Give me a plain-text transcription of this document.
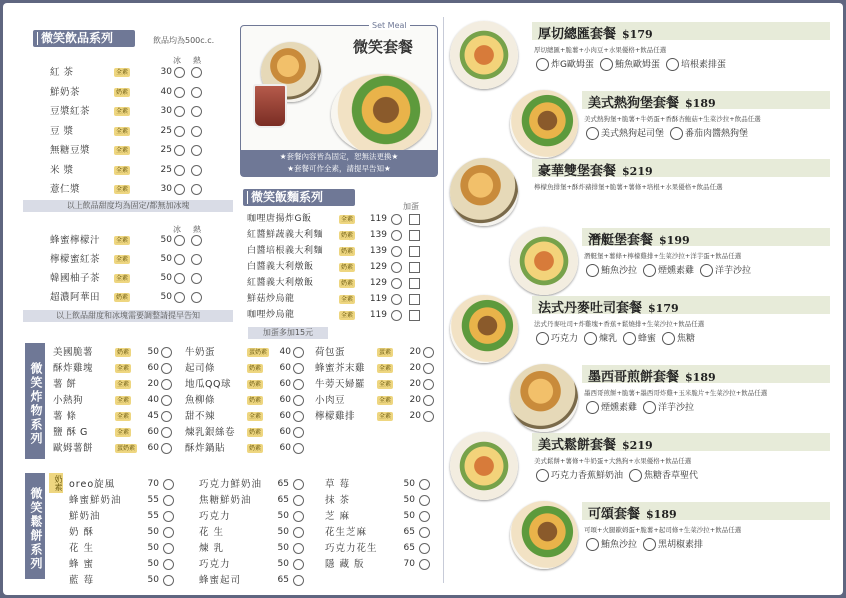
微笑飲品系列	飲品均為500c.c.
冰 熱
紅 茶	全素	30
鮮奶茶	奶素	40
豆漿紅茶	全素	30
豆 漿	全素	25
無糖豆漿	全素	25
米 漿	全素	25
薏仁漿	全素	30
以上飲品甜度均為固定/都無加冰塊
冰 熱
蜂蜜檸檬汁	全素	50
檸檬蜜紅茶	全素	50
韓國柚子茶	全素	50
超濃阿華田	奶素	50
以上飲品甜度和冰塊需要調整請提早告知
Set Meal
微笑套餐
★套餐內容皆為固定，恕無法更換★
★套餐可作全素，請提早告知★
微笑飯麵系列
加蛋
咖哩唐揚炸G飯	全素	119
紅醬鮮蔬義大利麵	奶素	139
白醬培根義大利麵	奶素	139
白醬義大利燉飯	奶素	129
紅醬義大利燉飯	奶素	129
鮮菇炒烏龍	全素	119
咖哩炒烏龍	全素	119
加蛋多加15元
微笑炸物系列
美國脆薯	奶素	50
酥炸雞塊	全素	60
薯 餅	全素	20
小熱狗	全素	40
薯 條	全素	45
鹽 酥 G	全素	60
歐姆薯餅	蛋奶素	60
牛奶蛋	蛋奶素	40
起司條	奶素	60
地瓜QQ球	奶素	60
魚柳條	奶素	60
甜不辣	全素	60
煉乳銀絲卷	奶素	60
酥炸鍋貼	奶素	60
荷包蛋	蛋素	20
蜂蜜芥末雞	全素	20
牛蒡天婦羅	全素	20
小肉豆	全素	20
檸檬雞排	全素	20
微笑鬆餅系列
奶素 oreo旋風	70
蜂蜜鮮奶油	55
鮮奶油	55
奶 酥	50
花 生	50
蜂 蜜	50
藍 莓	50
巧克力鮮奶油	65
焦糖鮮奶油	65
巧克力	50
花 生	50
煉 乳	50
巧克力	50
蜂蜜起司	65
草 莓	50
抹 茶	50
芝 麻	50
花生芝麻	65
巧克力花生	65
隱 藏 版	70
厚切總匯套餐 $179
厚切總匯+脆薯+小肉豆+水果優格+飲品任選
炸G歐姆蛋 鮪魚歐姆蛋 培根素排蛋
美式熱狗堡套餐 $189
美式熱狗堡+脆薯+牛奶蛋+香酥杏鮑菇+生菜沙拉+飲品任選
美式熱狗起司堡 番茄肉醬熱狗堡
豪華雙堡套餐 $219
檸檬魚排堡+酥炸豬排堡+脆薯+薯條+培根+水果優格+飲品任選
潛艇堡套餐 $199
潛艇堡+薯條+檸檬雞排+生菜沙拉+洋芋蛋+飲品任選
鮪魚沙拉 煙燻素雞 洋芋沙拉
法式丹麥吐司套餐 $179
法式丹麥吐司+炸雞塊+香蕉+鬆燒排+生菜沙拉+飲品任選
巧克力 煉乳 蜂蜜 焦糖
墨西哥煎餅套餐 $189
墨西哥煎餅+脆薯+墨西哥炸雞+玉米脆片+生菜沙拉+飲品任選
煙燻素雞 洋芋沙拉
美式鬆餅套餐 $219
美式鬆餅+薯條+牛奶蛋+大熱狗+水果優格+飲品任選
巧克力香蕉鮮奶油 焦糖香草聖代
可頌套餐 $189
可頌+火腿歐姆蛋+脆薯+起司條+生菜沙拉+飲品任選
鮪魚沙拉 黑胡椒素排
